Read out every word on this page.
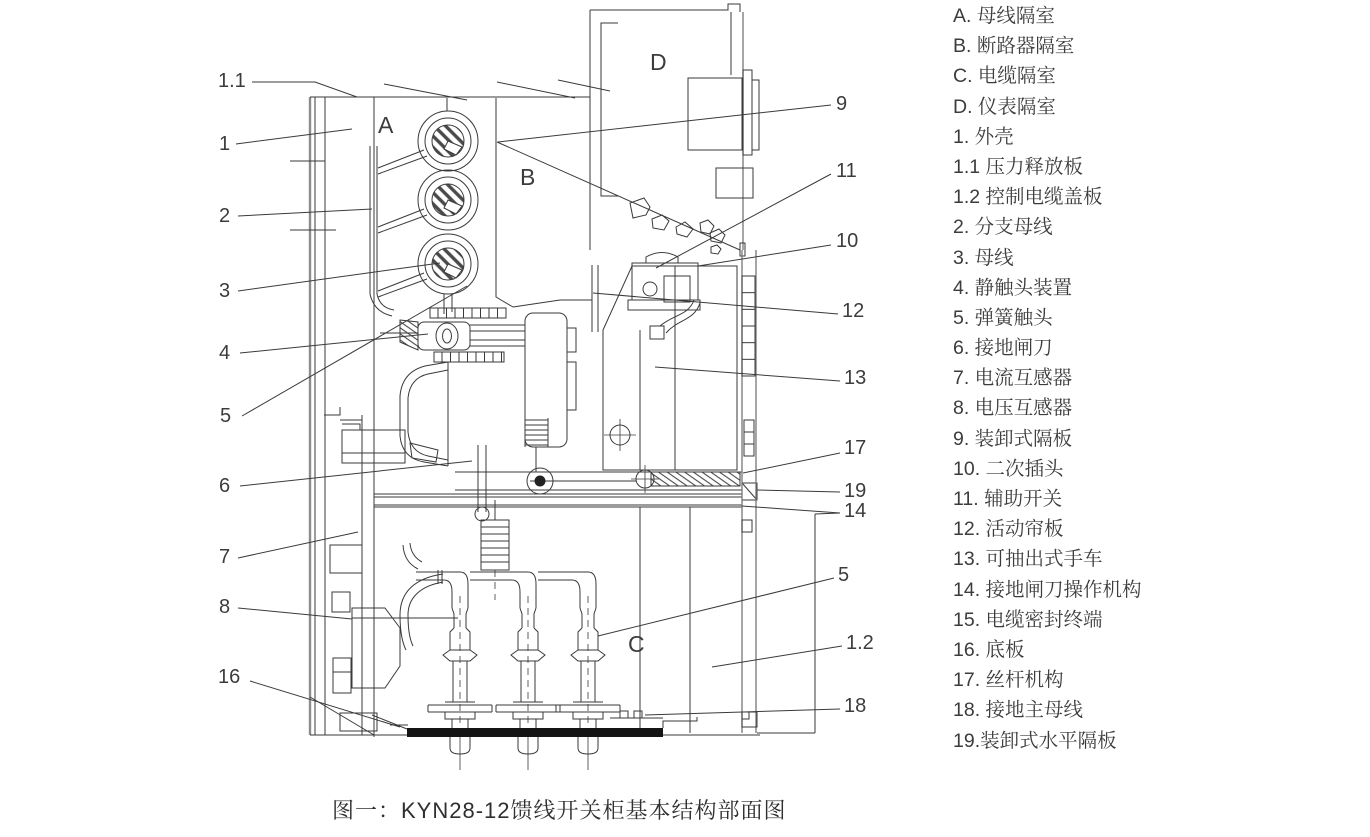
1.1
1
2
3
4
5
6
7
8
16
9
11
10
12
13
17
19
14
5
1.2
18
A
B
C
D
A. 母线隔室
B. 断路器隔室
C. 电缆隔室
D. 仪表隔室
1. 外壳
1.1 压力释放板
1.2 控制电缆盖板
2. 分支母线
3. 母线
4. 静触头装置
5. 弹簧触头
6. 接地闸刀
7. 电流互感器
8. 电压互感器
9. 装卸式隔板
10. 二次插头
11. 辅助开关
12. 活动帘板
13. 可抽出式手车
14. 接地闸刀操作机构
15. 电缆密封终端
16. 底板
17. 丝杆机构
18. 接地主母线
19.装卸式水平隔板
图一：KYN28-12馈线开关柜基本结构部面图
